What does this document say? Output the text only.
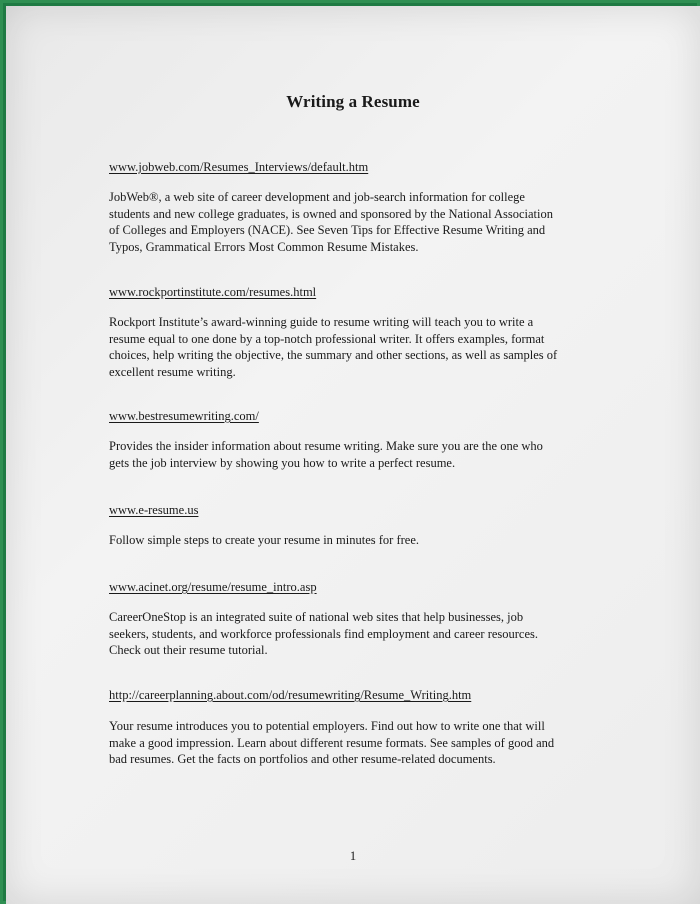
Writing a Resume
www.jobweb.com/Resumes_Interviews/default.htm
JobWeb®, a web site of career development and job-search information for college
students and new college graduates, is owned and sponsored by the National Association
of Colleges and Employers (NACE). See Seven Tips for Effective Resume Writing and
Typos, Grammatical Errors Most Common Resume Mistakes.
www.rockportinstitute.com/resumes.html
Rockport Institute’s award-winning guide to resume writing will teach you to write a
resume equal to one done by a top-notch professional writer. It offers examples, format
choices, help writing the objective, the summary and other sections, as well as samples of
excellent resume writing.
www.bestresumewriting.com/
Provides the insider information about resume writing. Make sure you are the one who
gets the job interview by showing you how to write a perfect resume.
www.e-resume.us
Follow simple steps to create your resume in minutes for free.
www.acinet.org/resume/resume_intro.asp
CareerOneStop is an integrated suite of national web sites that help businesses, job
seekers, students, and workforce professionals find employment and career resources.
Check out their resume tutorial.
http://careerplanning.about.com/od/resumewriting/Resume_Writing.htm
Your resume introduces you to potential employers. Find out how to write one that will
make a good impression. Learn about different resume formats. See samples of good and
bad resumes. Get the facts on portfolios and other resume-related documents.
1
